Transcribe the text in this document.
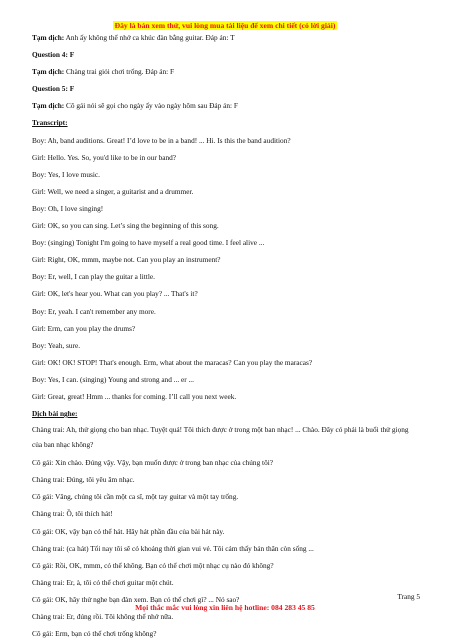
Đây là bản xem thử, vui lòng mua tài liệu để xem chi tiết (có lời giải)
Tạm dịch: Anh ấy không thể nhớ ca khúc đàn bằng guitar. Đáp án: T
Question 4: F
Tạm dịch: Chàng trai giỏi chơi trống. Đáp án: F
Question 5: F
Tạm dịch: Cô gái nói sẽ gọi cho ngày ấy vào ngày hôm sau Đáp án: F
Transcript:
Boy: Ah, band auditions. Great! I’d love to be in a band! ... Hi. Is this the band audition?
Girl: Hello. Yes. So, you'd like to be in our band?
Boy: Yes, I love music.
Girl: Well, we need a singer, a guitarist and a drummer.
Boy: Oh, I love singing!
Girl: OK, so you can sing. Let’s sing the beginning of this song.
Boy: (singing) Tonight I'm going to have myself a real good time. I feel alive ...
Girl: Right, OK, mmm, maybe not. Can you play an instrument?
Boy: Er, well, I can play the guitar a little.
Girl: OK, let's hear you. What can you play? ... That's it?
Boy: Er, yeah. I can't remember any more.
Girl: Erm, can you play the drums?
Boy: Yeah, sure.
Girl: OK! OK! STOP! That's enough. Erm, what about the maracas? Can you play the maracas?
Boy: Yes, I can. (singing) Young and strong and ... er ...
Girl: Great, great! Hmm ... thanks for coming. I’ll call you next week.
Dịch bài nghe:
Chàng trai: Ah, thử giọng cho ban nhạc. Tuyệt quá! Tôi thích được ở trong một ban nhạc! ... Chào. Đây có phải là buổi thử giọng của ban nhạc không?
Cô gái: Xin chào. Đúng vậy. Vậy, bạn muốn được ở trong ban nhạc của chúng tôi?
Chàng trai: Đúng, tôi yêu âm nhạc.
Cô gái: Vâng, chúng tôi cần một ca sĩ, một tay guitar và một tay trống.
Chàng trai: Ồ, tôi thích hát!
Cô gái: OK, vậy bạn có thể hát. Hãy hát phần đầu của bài hát này.
Chàng trai: (ca hát) Tối nay tôi sẽ có khoảng thời gian vui vẻ. Tôi cảm thấy bản thân còn sống ...
Cô gái: Rồi, OK, mmm, có thể không. Bạn có thể chơi một nhạc cụ nào đó không?
Chàng trai: Er, à, tôi có thể chơi guitar một chút.
Cô gái: OK, hãy thử nghe bạn đàn xem. Bạn có thể chơi gì? ... Nó sao?
Chàng trai: Er, đúng rồi. Tôi không thể nhớ nữa.
Cô gái: Erm, bạn có thể chơi trống không?
Trang 5
Mọi thắc mắc vui lòng xin liên hệ hotline: 084 283 45 85
